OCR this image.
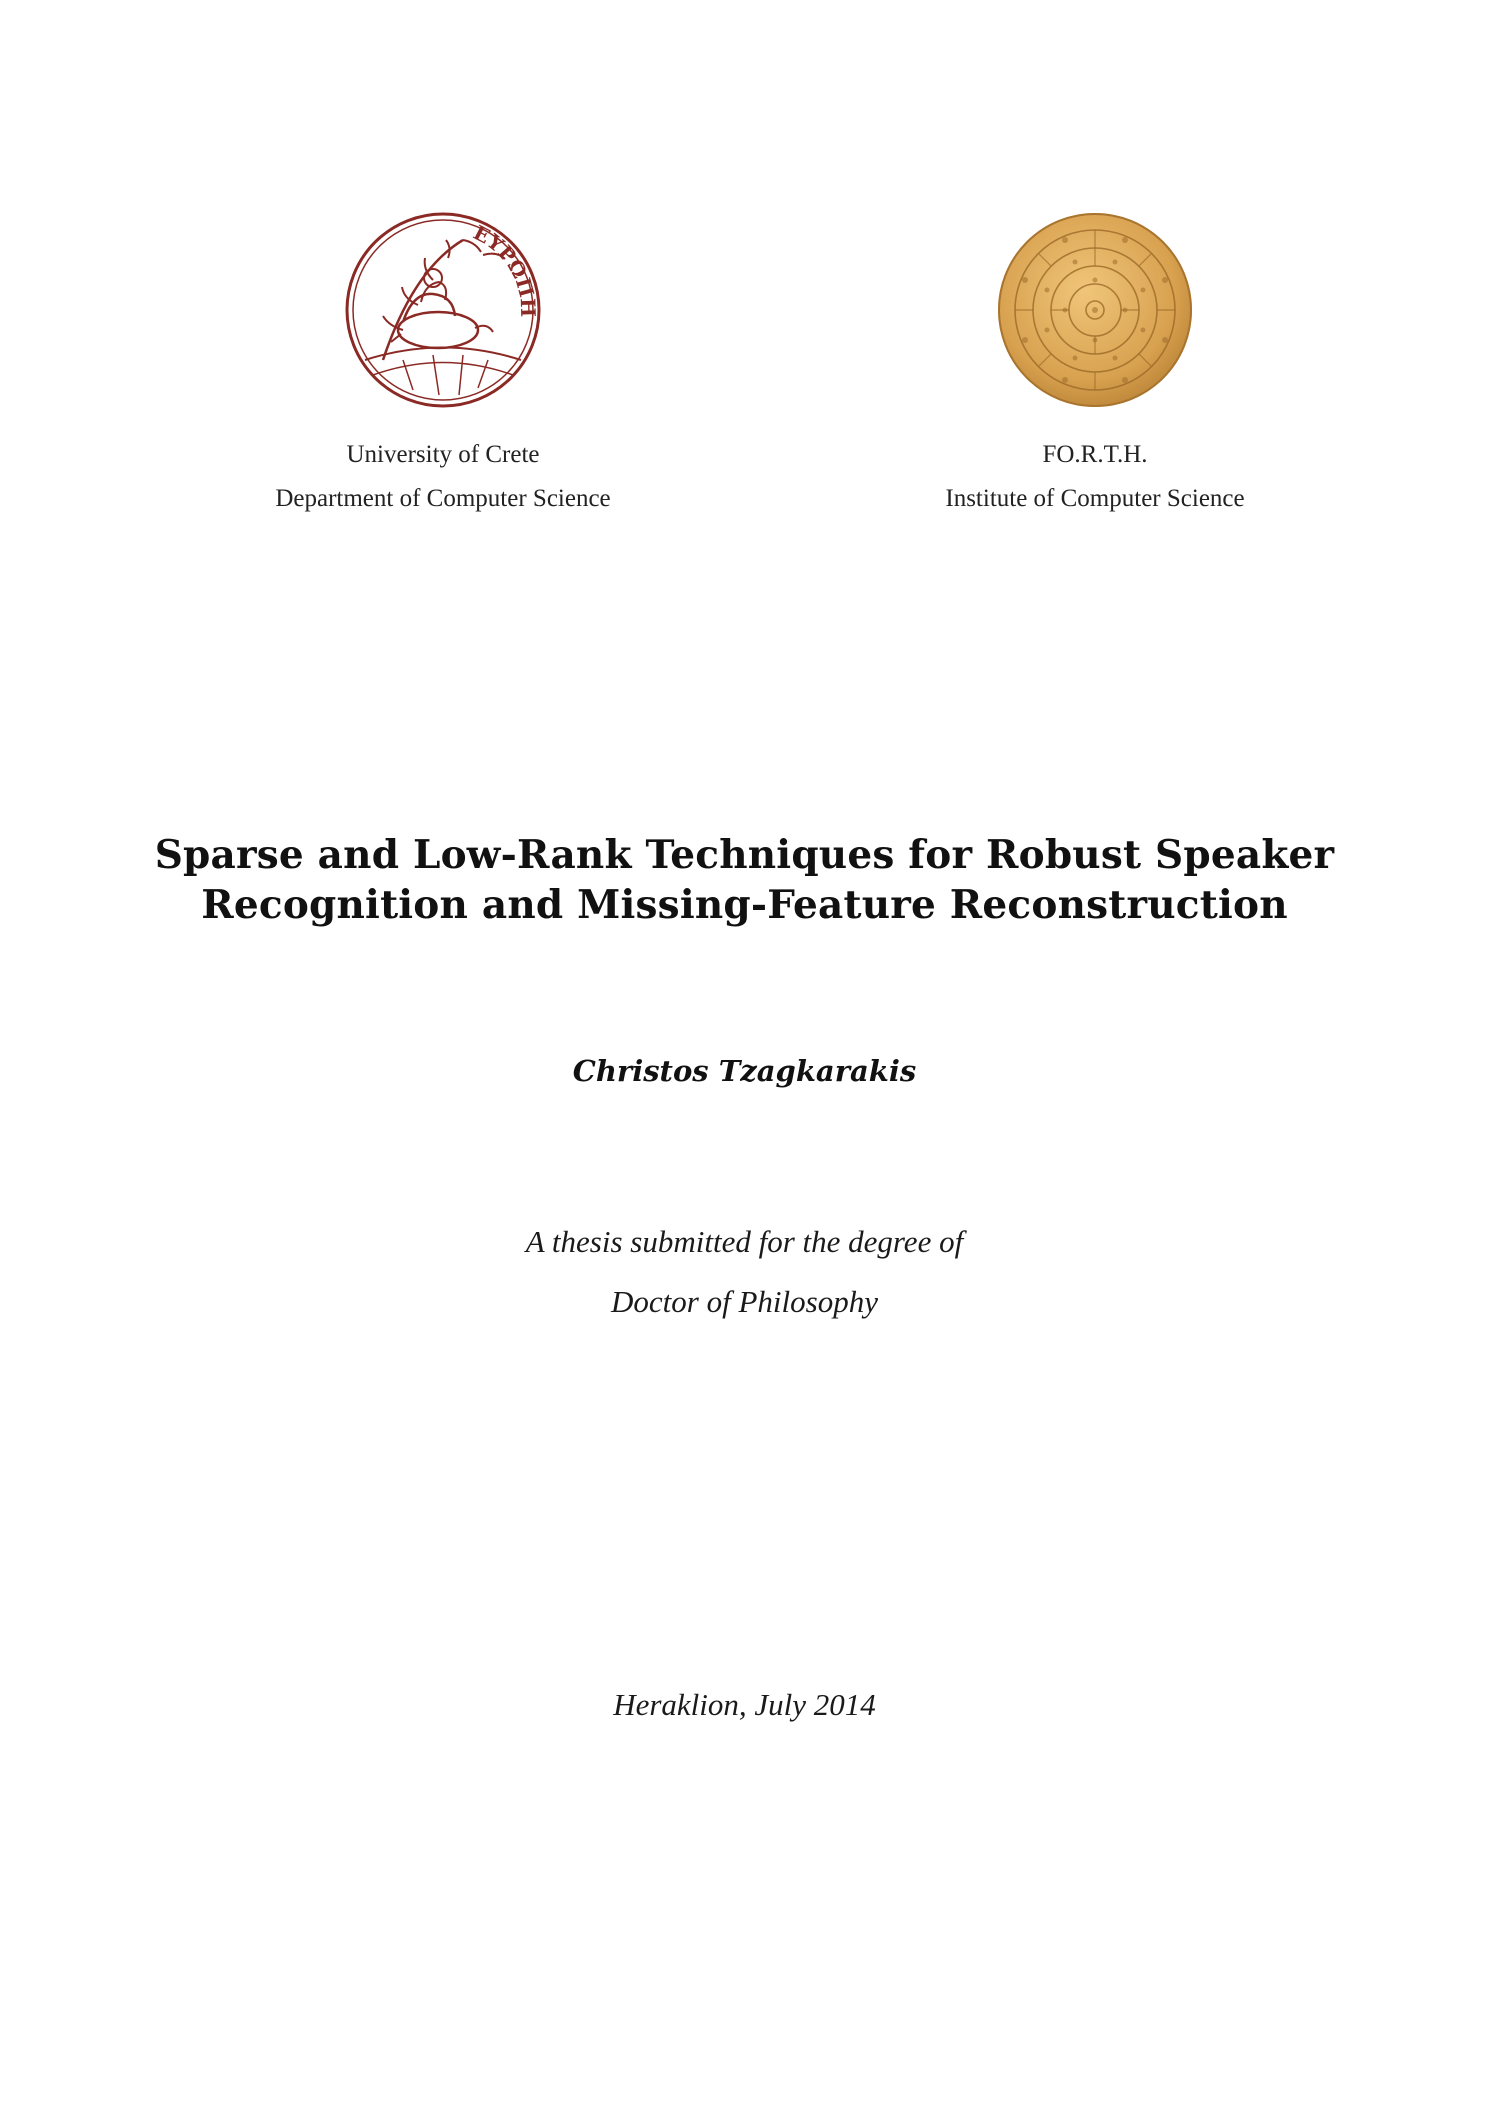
ΕΥΡΩΠΗ
University of Crete
Department of Computer Science
FO.R.T.H.
Institute of Computer Science
Sparse and Low-Rank Techniques for Robust Speaker
Recognition and Missing-Feature Reconstruction
Christos Tzagkarakis
A thesis submitted for the degree of
Doctor of Philosophy
Heraklion, July 2014
